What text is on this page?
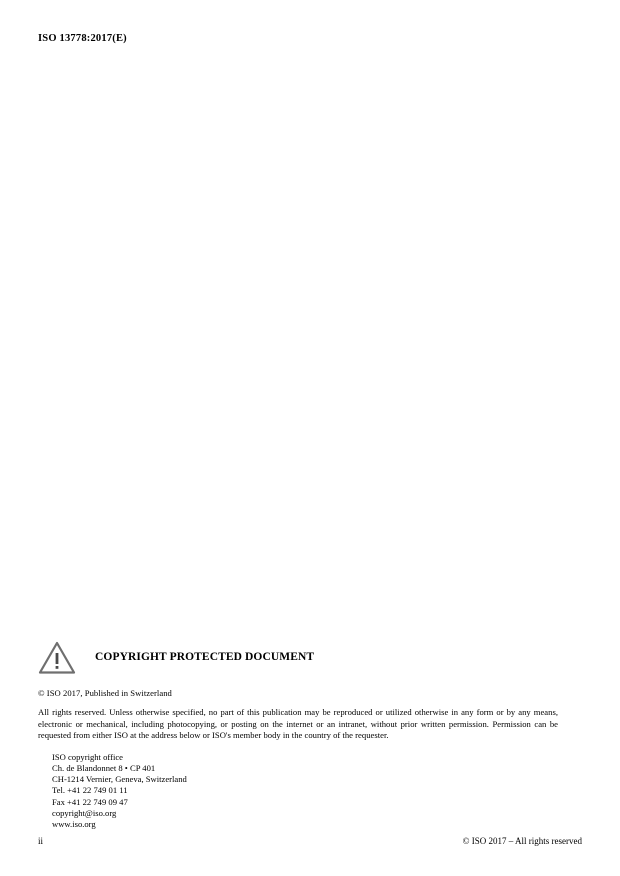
ISO 13778:2017(E)
COPYRIGHT PROTECTED DOCUMENT
© ISO 2017, Published in Switzerland
All rights reserved. Unless otherwise specified, no part of this publication may be reproduced or utilized otherwise in any form or by any means, electronic or mechanical, including photocopying, or posting on the internet or an intranet, without prior written permission. Permission can be requested from either ISO at the address below or ISO's member body in the country of the requester.
ISO copyright office
Ch. de Blandonnet 8 • CP 401
CH-1214 Vernier, Geneva, Switzerland
Tel. +41 22 749 01 11
Fax +41 22 749 09 47
copyright@iso.org
www.iso.org
ii	© ISO 2017 – All rights reserved
